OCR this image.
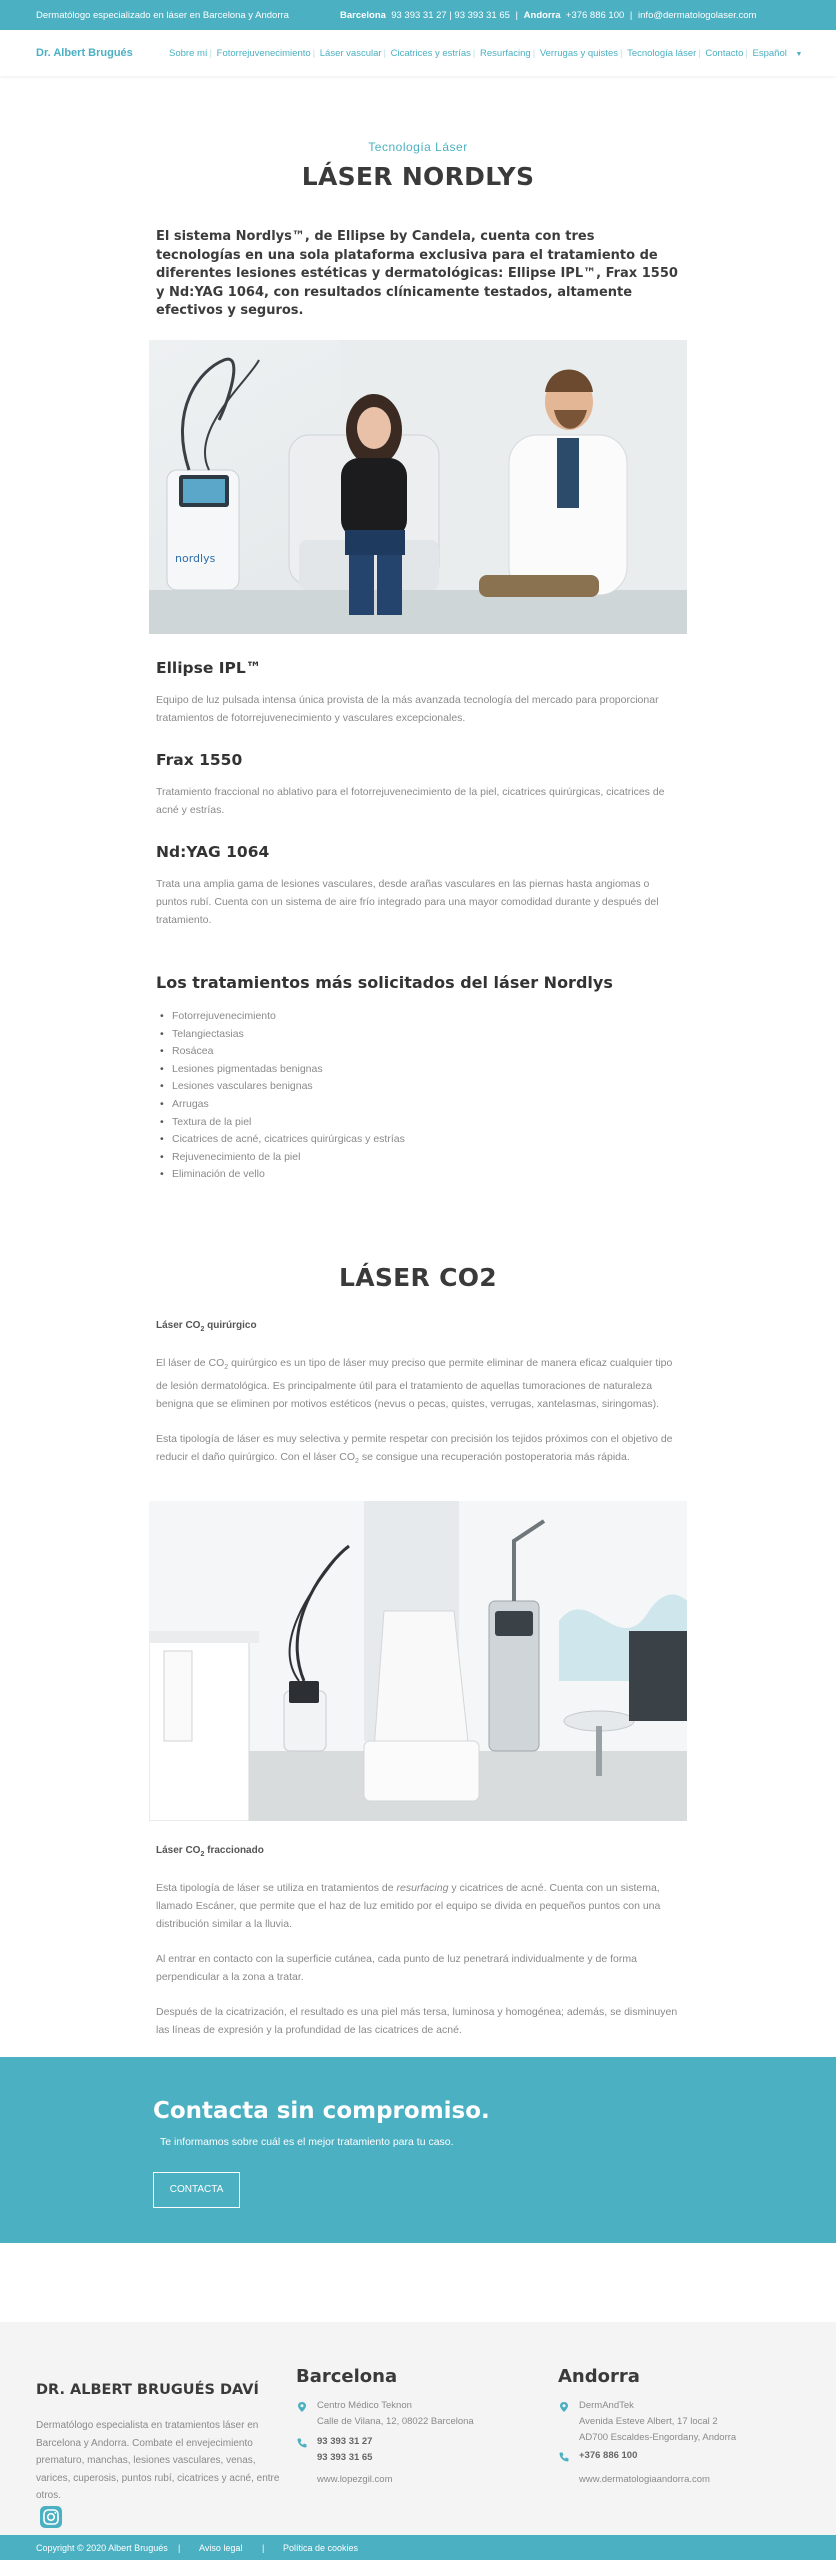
Dermatólogo especializado en láser en Barcelona y Andorra	Barcelona 93 393 31 27 | 93 393 31 65 | Andorra +376 886 100 | info@dermatologolaser.com
Dr. Albert Brugués	Sobre mí | Fotorrejuvenecimiento | Láser vascular | Cicatrices y estrías | Resurfacing | Verrugas y quistes | Tecnología láser | Contacto | Español ▼
Tecnología Láser
LÁSER NORDLYS
El sistema Nordlys™, de Ellipse by Candela, cuenta con tres tecnologías en una sola plataforma exclusiva para el tratamiento de diferentes lesiones estéticas y dermatológicas: Ellipse IPL™, Frax 1550 y Nd:YAG 1064, con resultados clínicamente testados, altamente efectivos y seguros.
nordlys
Ellipse IPL™
Equipo de luz pulsada intensa única provista de la más avanzada tecnología del mercado para proporcionar tratamientos de fotorrejuvenecimiento y vasculares excepcionales.
Frax 1550
Tratamiento fraccional no ablativo para el fotorrejuvenecimiento de la piel, cicatrices quirúrgicas, cicatrices de acné y estrías.
Nd:YAG 1064
Trata una amplia gama de lesiones vasculares, desde arañas vasculares en las piernas hasta angiomas o puntos rubí. Cuenta con un sistema de aire frío integrado para una mayor comodidad durante y después del tratamiento.
Los tratamientos más solicitados del láser Nordlys
• Fotorrejuvenecimiento
• Telangiectasias
• Rosácea
• Lesiones pigmentadas benignas
• Lesiones vasculares benignas
• Arrugas
• Textura de la piel
• Cicatrices de acné, cicatrices quirúrgicas y estrías
• Rejuvenecimiento de la piel
• Eliminación de vello
LÁSER CO2
Láser $CO_2$ quirúrgico

El láser de $CO_2$ quirúrgico es un tipo de láser muy preciso que permite eliminar de manera eficaz cualquier tipo de lesión dermatológica. Es principalmente útil para el tratamiento de aquellas tumoraciones de naturaleza benigna que se eliminen por motivos estéticos (nevus o pecas, quistes, verrugas, xantelasmas, siringomas).

Esta tipología de láser es muy selectiva y permite respetar con precisión los tejidos próximos con el objetivo de reducir el daño quirúrgico. Con el láser $CO_2$ se consigue una recuperación postoperatoria más rápida.

Láser $CO_2$ fraccionado

Esta tipología de láser se utiliza en tratamientos de resurfacing y cicatrices de acné. Cuenta con un sistema, llamado Escáner, que permite que el haz de luz emitido por el equipo se divida en pequeños puntos con una distribución similar a la lluvia.

Al entrar en contacto con la superficie cutánea, cada punto de luz penetrará individualmente y de forma perpendicular a la zona a tratar.

Después de la cicatrización, el resultado es una piel más tersa, luminosa y homogénea; además, se disminuyen las líneas de expresión y la profundidad de las cicatrices de acné.

Contacta sin compromiso.
Te informamos sobre cuál es el mejor tratamiento para tu caso.
CONTACTA
DR. ALBERT BRUGUÉS DAVÍ
Dermatólogo especialista en tratamientos láser en Barcelona y Andorra. Combate el envejecimiento prematuro, manchas, lesiones vasculares, venas, varices, cuperosis, puntos rubí, cicatrices y acné, entre otros.
Barcelona
Centro Médico Teknon
Calle de Vilana, 12, 08022 Barcelona
93 393 31 27
93 393 31 65
www.lopezgil.com
Andorra
DermAndTek
Avenida Esteve Albert, 17 local 2
AD700 Escaldes-Engordany, Andorra
+376 886 100
www.dermatologiaandorra.com
Copyright © 2020 Albert Brugués | Aviso legal | Política de cookies
